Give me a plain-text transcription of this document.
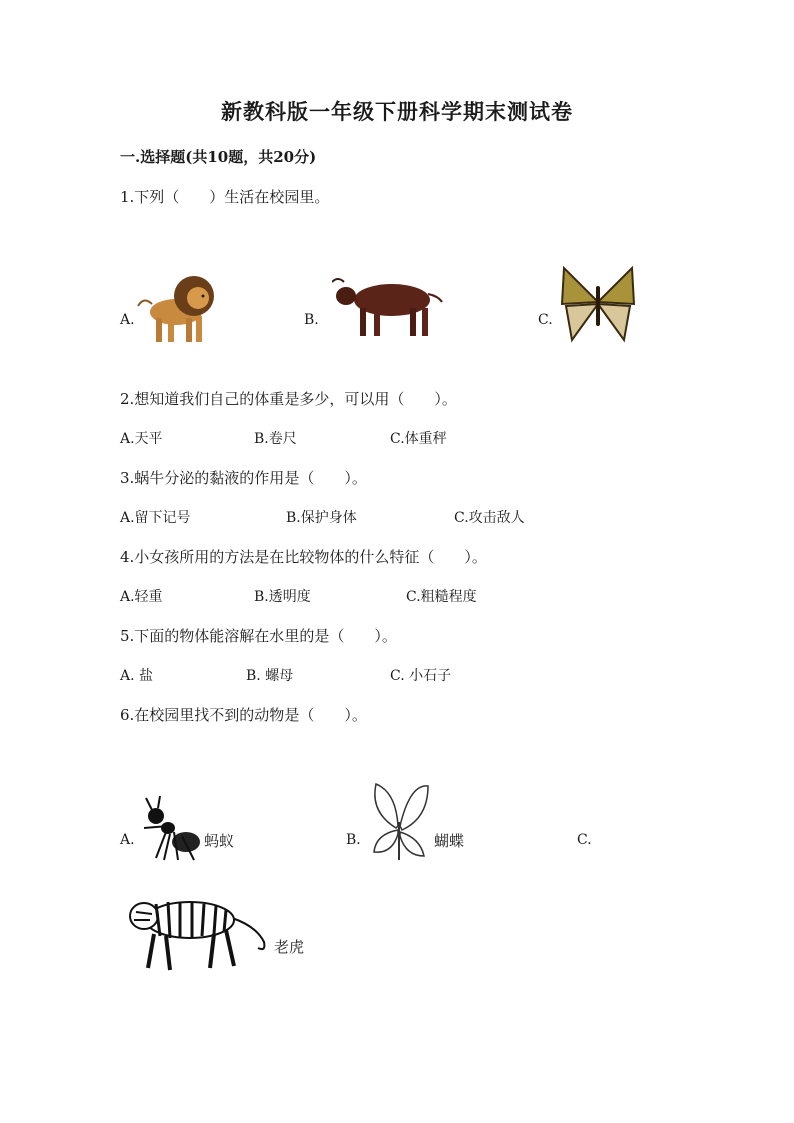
新教科版一年级下册科学期末测试卷
一.选择题(共10题，共20分)
1.下列（　　）生活在校园里。
A.	B.	C.
2.想知道我们自己的体重是多少，可以用（　　）。
A.天平	B.卷尺	C.体重秤
3.蜗牛分泌的黏液的作用是（　　）。
A.留下记号	B.保护身体	C.攻击敌人
4.小女孩所用的方法是在比较物体的什么特征（　　）。
A.轻重	B.透明度	C.粗糙程度
5.下面的物体能溶解在水里的是（　　）。
A. 盐	B. 螺母	C. 小石子
6.在校园里找不到的动物是（　　）。
A.	蚂蚁	B.	蝴蝶	C.
老虎
